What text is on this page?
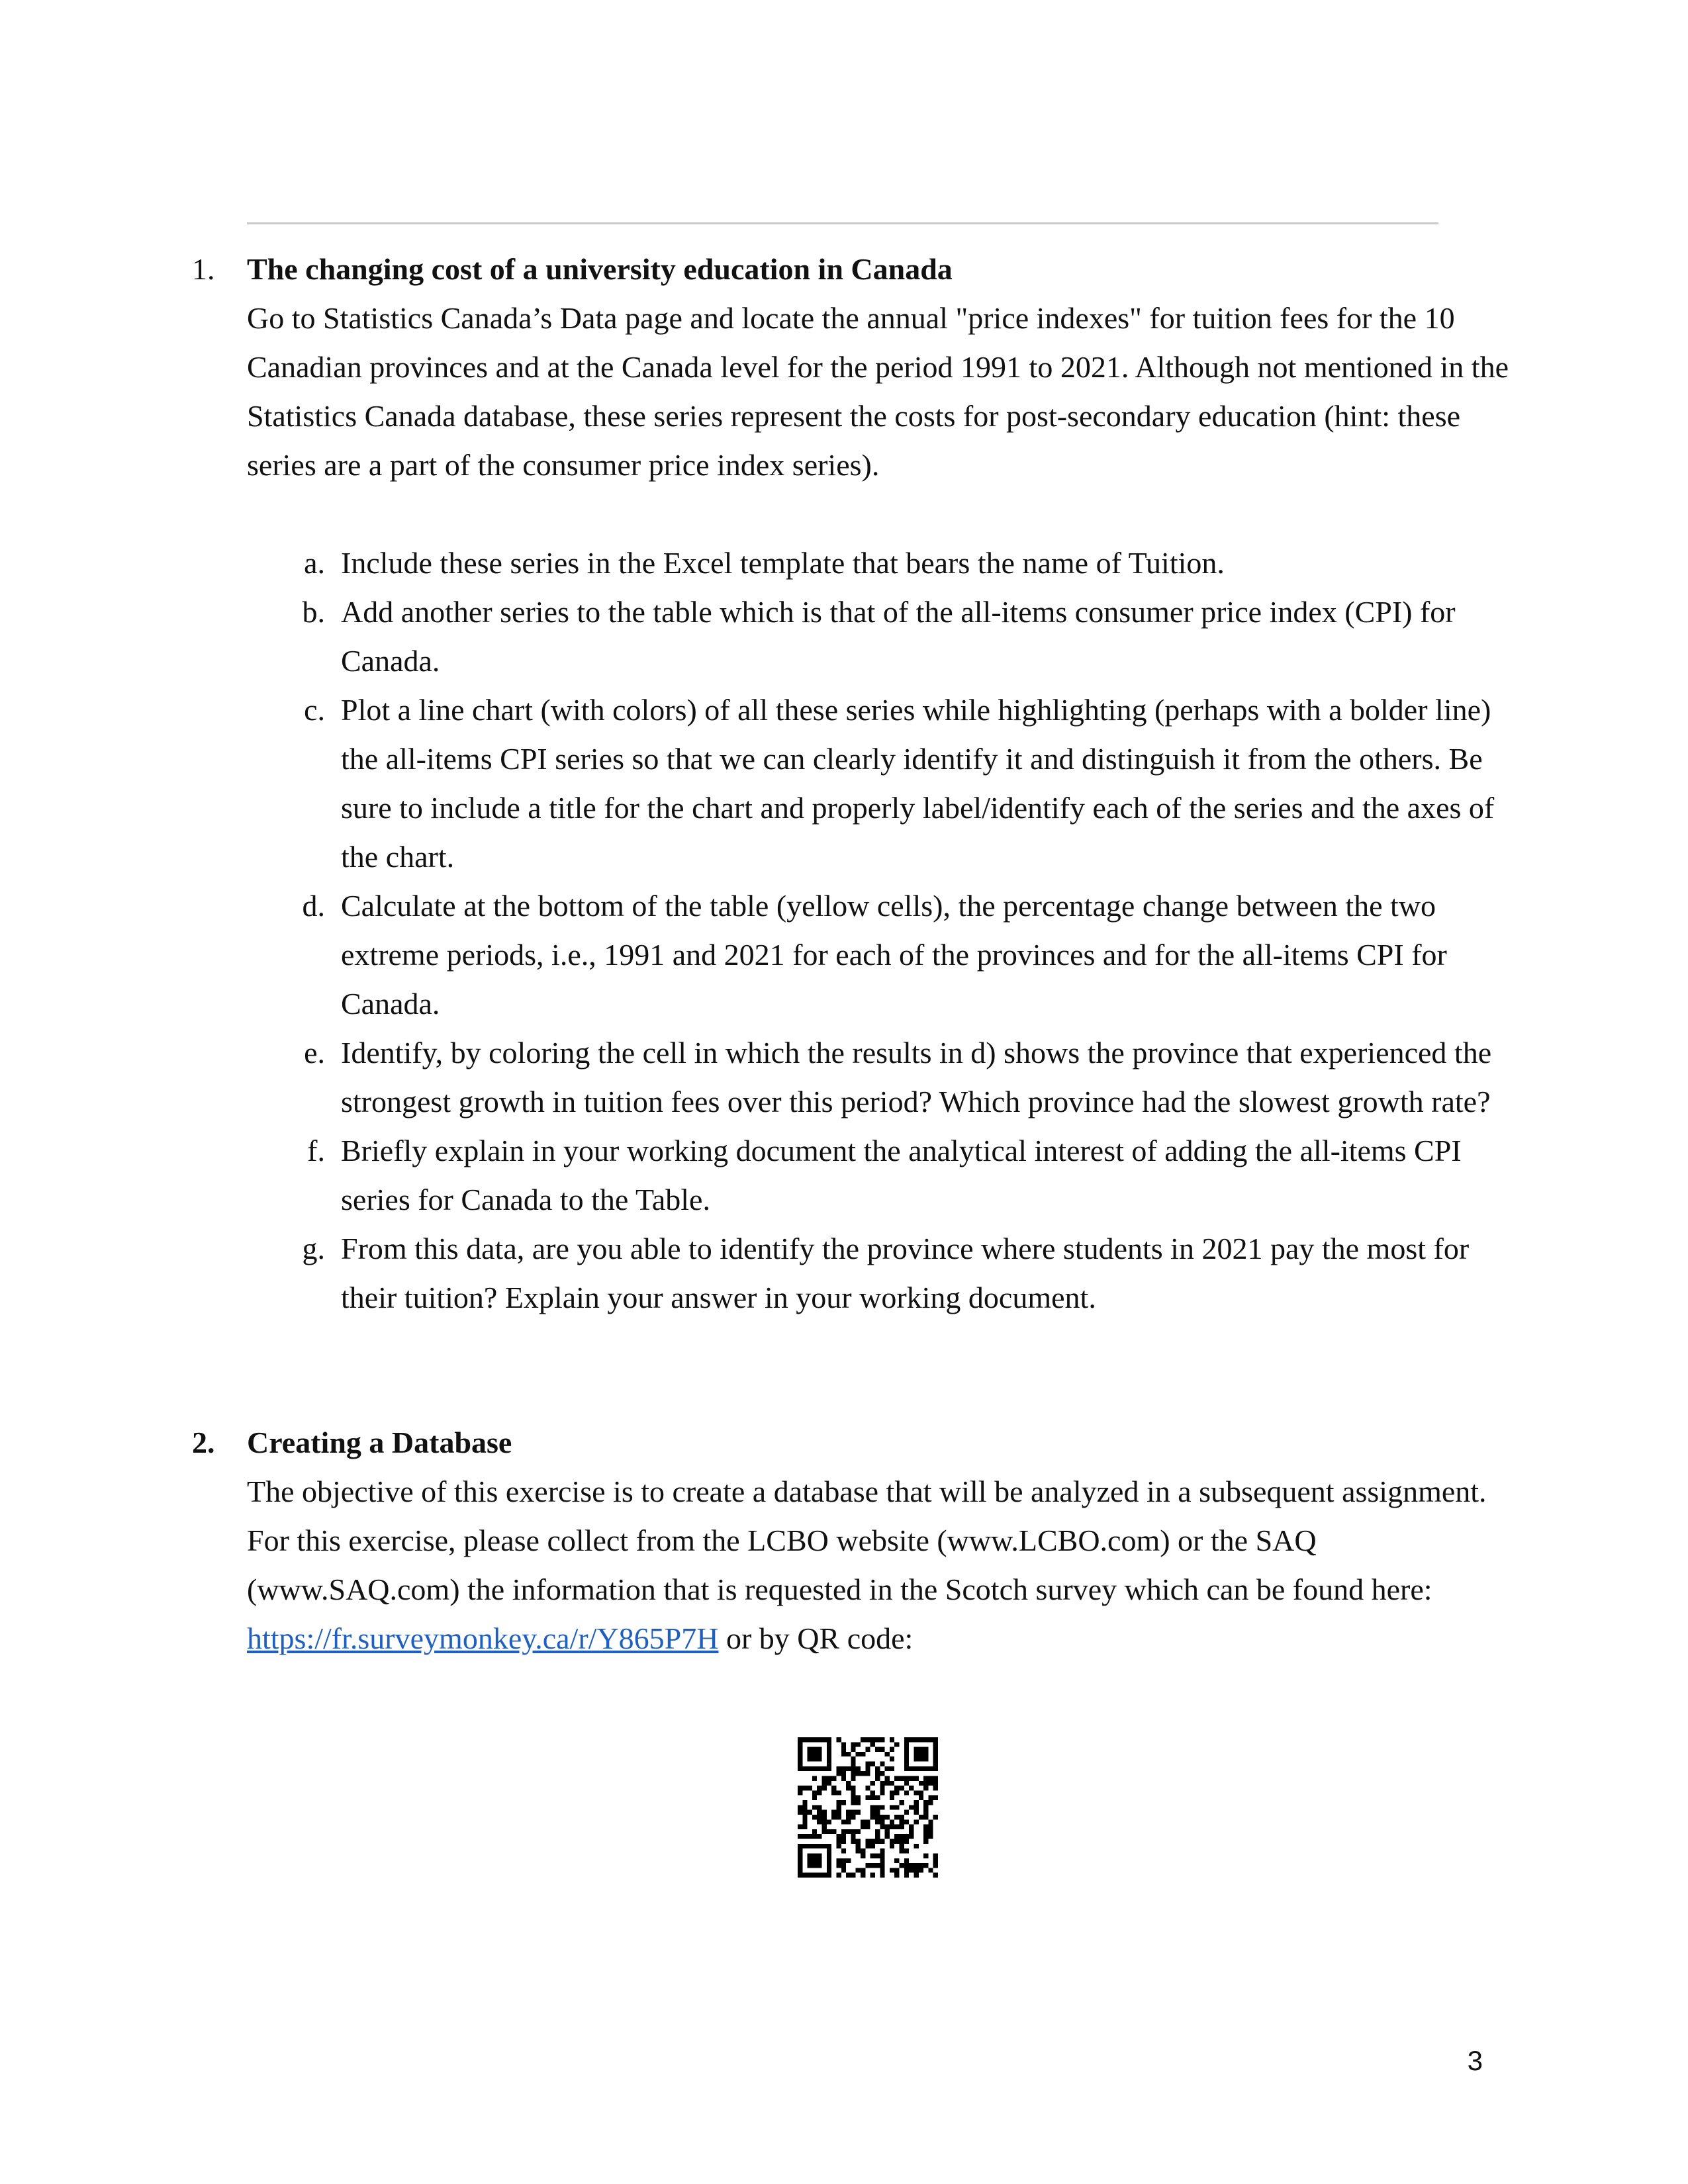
1.	The changing cost of a university education in Canada

Go to Statistics Canada’s Data page and locate the annual "price indexes" for tuition fees for the 10 Canadian provinces and at the Canada level for the period 1991 to 2021. Although not mentioned in the Statistics Canada database, these series represent the costs for post-secondary education (hint: these series are a part of the consumer price index series).

a. Include these series in the Excel template that bears the name of Tuition.
b. Add another series to the table which is that of the all-items consumer price index (CPI) for Canada.
c. Plot a line chart (with colors) of all these series while highlighting (perhaps with a bolder line) the all-items CPI series so that we can clearly identify it and distinguish it from the others. Be sure to include a title for the chart and properly label/identify each of the series and the axes of the chart.
d. Calculate at the bottom of the table (yellow cells), the percentage change between the two extreme periods, i.e., 1991 and 2021 for each of the provinces and for the all-items CPI for Canada.
e. Identify, by coloring the cell in which the results in d) shows the province that experienced the strongest growth in tuition fees over this period? Which province had the slowest growth rate?
f. Briefly explain in your working document the analytical interest of adding the all-items CPI series for Canada to the Table.
g. From this data, are you able to identify the province where students in 2021 pay the most for their tuition? Explain your answer in your working document.
2.	Creating a Database

The objective of this exercise is to create a database that will be analyzed in a subsequent assignment. For this exercise, please collect from the LCBO website (www.LCBO.com) or the SAQ (www.SAQ.com) the information that is requested in the Scotch survey which can be found here: https://fr.surveymonkey.ca/r/Y865P7H or by QR code:

3
